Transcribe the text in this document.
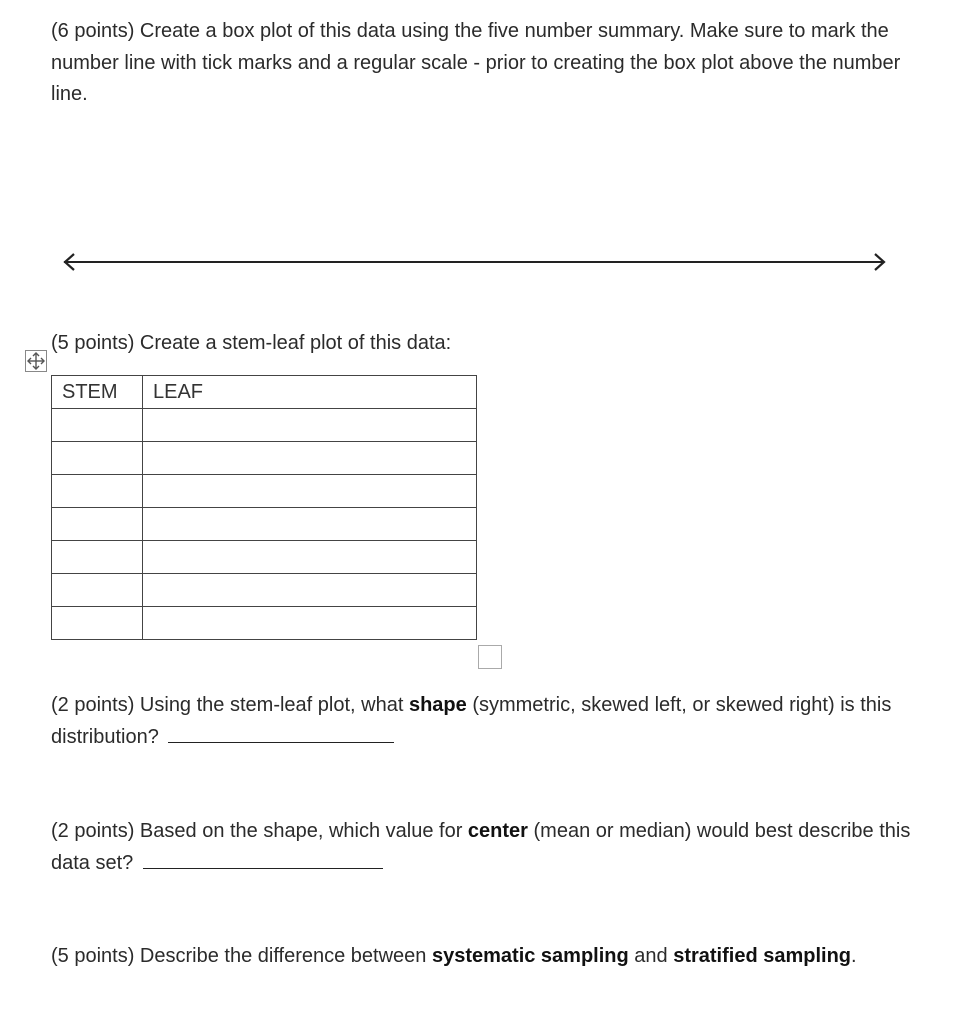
(6 points) Create a box plot of this data using the five number summary. Make sure to mark the number line with tick marks and a regular scale - prior to creating the box plot above the number line.

(5 points) Create a stem-leaf plot of this data:

STEM	LEAF

(2 points) Using the stem-leaf plot, what shape (symmetric, skewed left, or skewed right) is this distribution?

(2 points) Based on the shape, which value for center (mean or median) would best describe this data set?

(5 points) Describe the difference between systematic sampling and stratified sampling.
